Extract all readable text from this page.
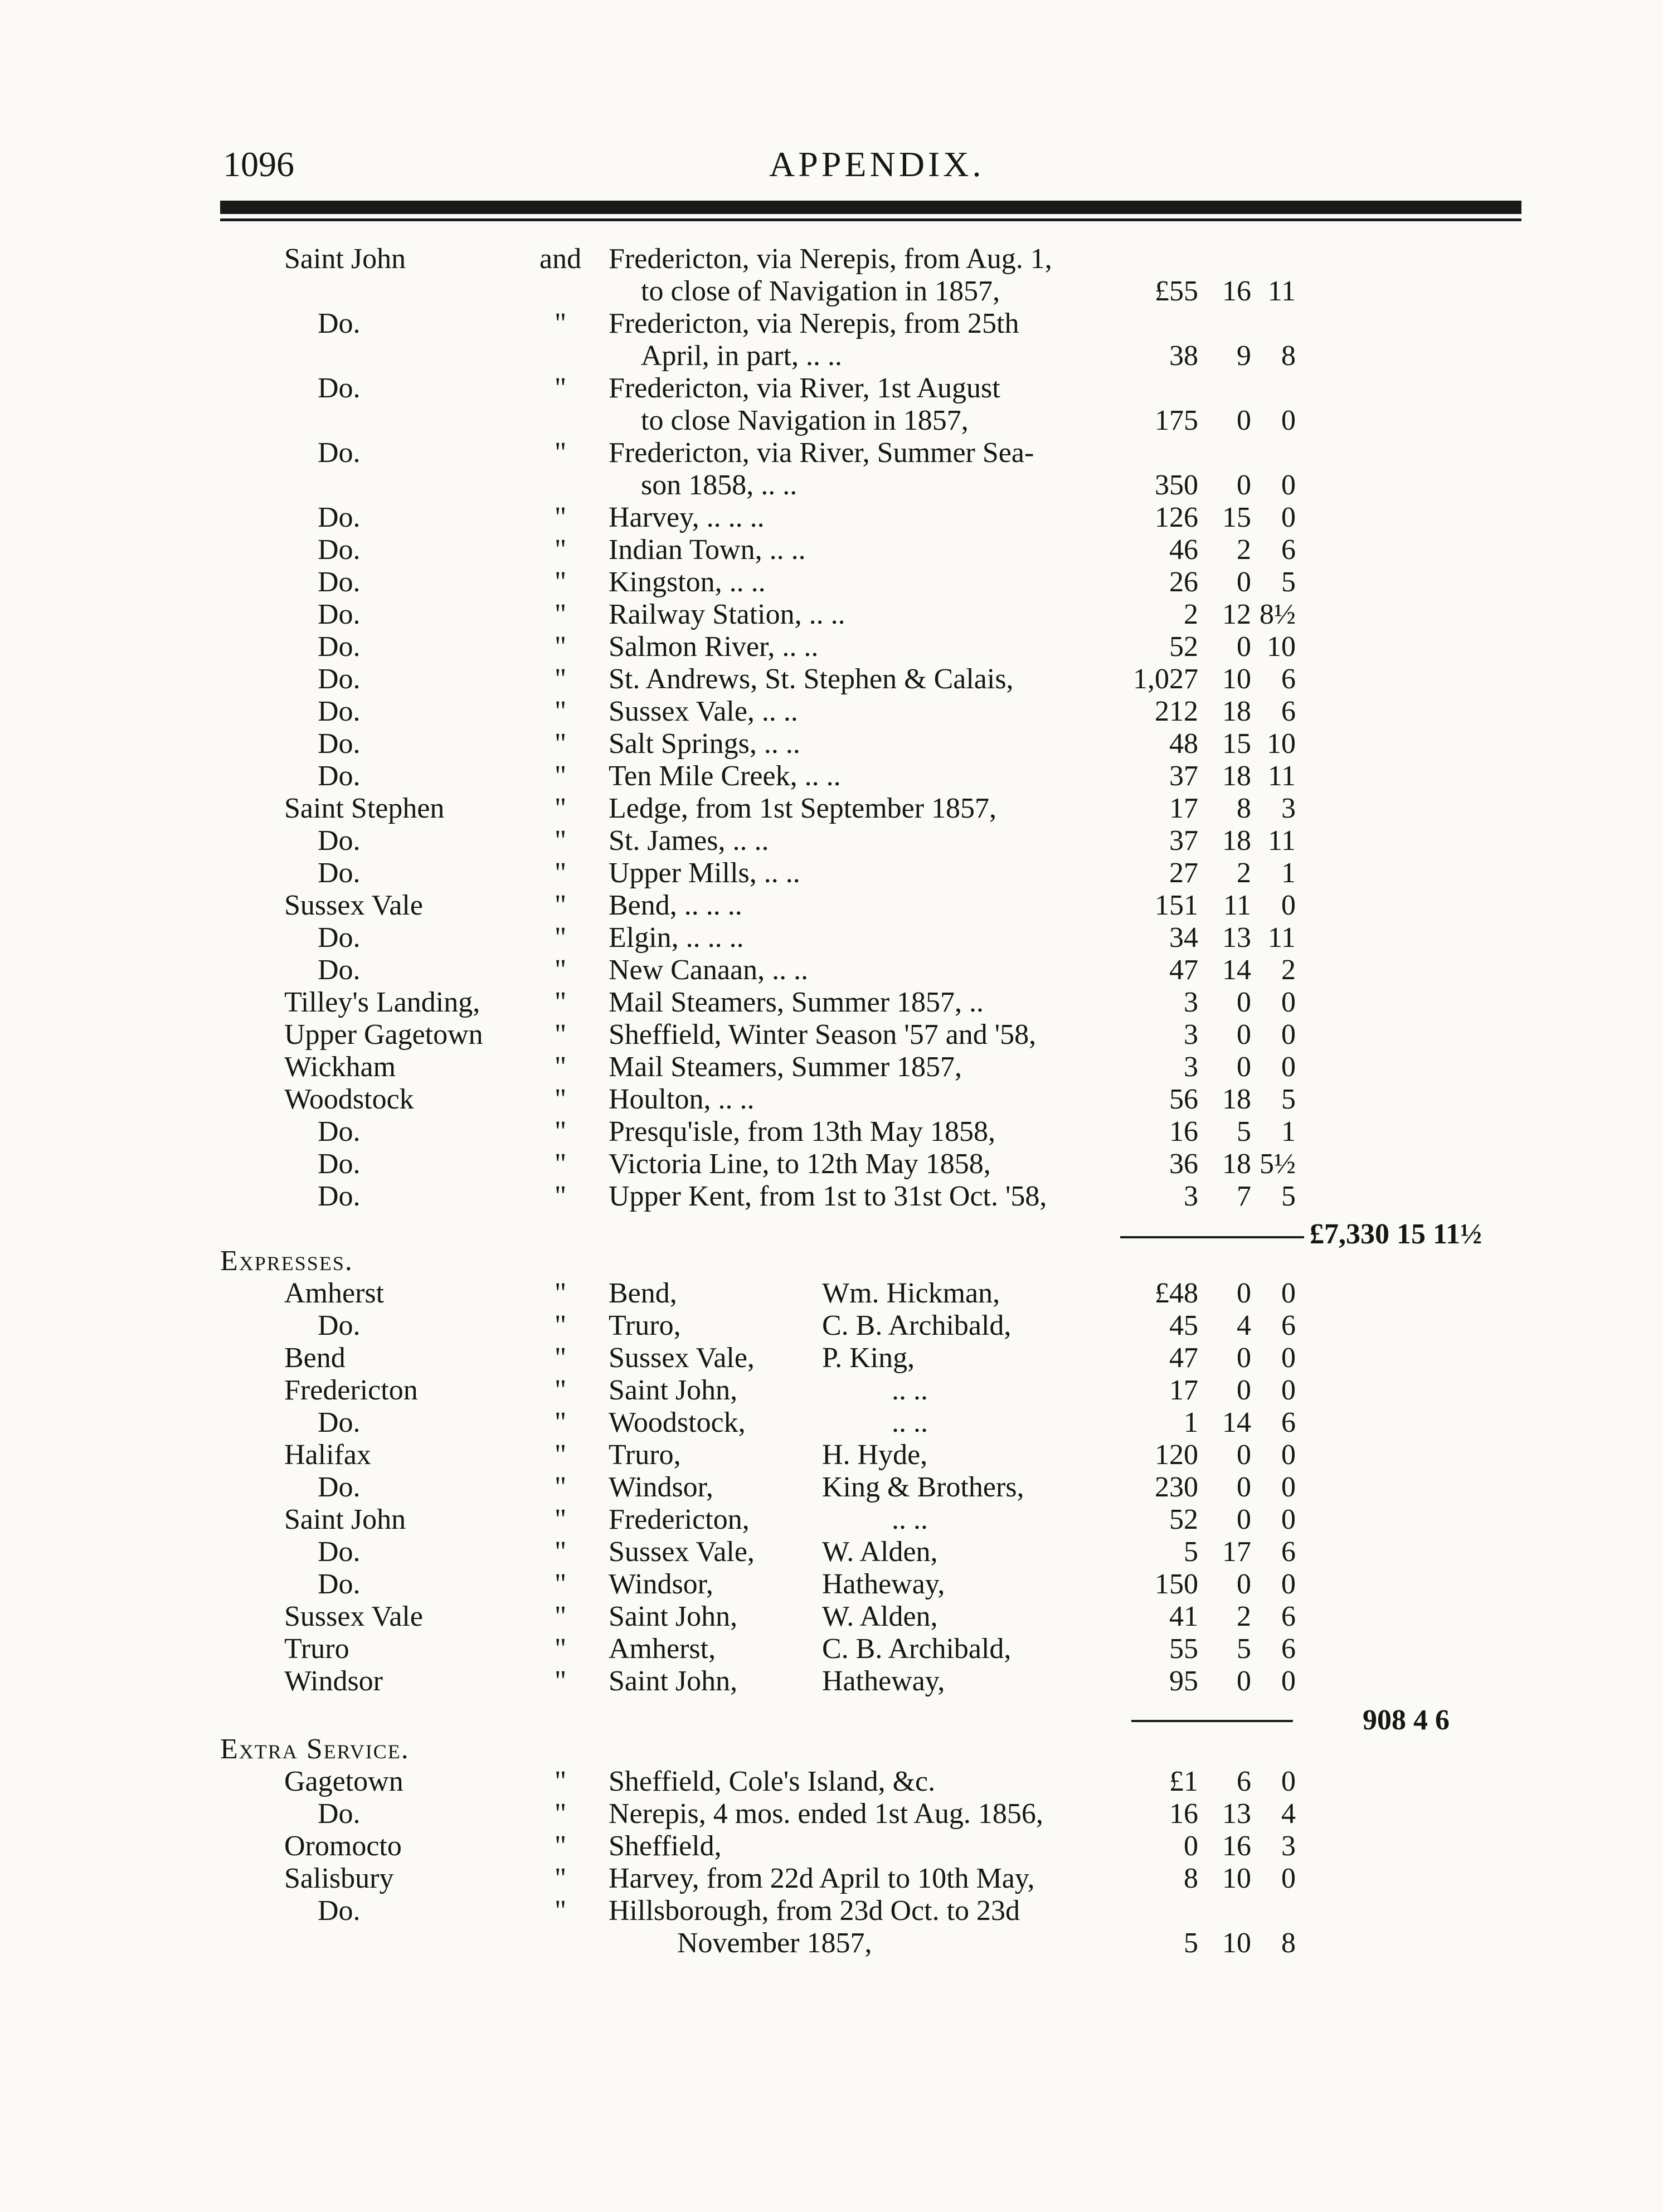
1096	APPENDIX.
Saint John	and Fredericton, via Nerepis, from Aug. 1,
to close of Navigation in 1857,	£55 16 11
Do.	" Fredericton, via Nerepis, from 25th
April, in part, .. ..	38	9	8
Do.	" Fredericton, via River, 1st August
to close Navigation in 1857,	175	0	0
Do.	" Fredericton, via River, Summer Sea-
son 1858, .. ..	350	0	0
Do.	" Harvey, .. .. ..	126 15	0
Do.	" Indian Town, .. ..	46	2	6
Do.	" Kingston, .. ..	26	0	5
Do.	" Railway Station, .. ..	2 12 8½
Do.	" Salmon River, .. ..	52	0 10
Do.	" St. Andrews, St. Stephen & Calais,	1,027 10	6
Do.	" Sussex Vale, .. ..	212 18	6
Do.	" Salt Springs, .. ..	48 15 10
Do.	" Ten Mile Creek, .. ..	37 18 11
Saint Stephen	" Ledge, from 1st September 1857,	17	8	3
Do.	" St. James, .. ..	37 18 11
Do.	" Upper Mills, .. ..	27	2	1
Sussex Vale	" Bend, .. .. ..	151 11	0
Do.	" Elgin, .. .. ..	34 13 11
Do.	" New Canaan, .. ..	47 14	2
Tilley's Landing,	" Mail Steamers, Summer 1857, ..	3	0	0
Upper Gagetown " Sheffield, Winter Season '57 and '58,	3	0	0
Wickham	" Mail Steamers, Summer 1857,	3	0	0
Woodstock	" Houlton, .. ..	56 18	5
Do.	" Presqu'isle, from 13th May 1858,	16	5	1
Do.	" Victoria Line, to 12th May 1858,	36 18 5½
Do.	" Upper Kent, from 1st to 31st Oct. '58,	3	7	5
£7,330 15 11½
Expresses.
Amherst	" Bend,	Wm. Hickman,	£48	0	0
Do.	" Truro,	C. B. Archibald,	45	4	6
Bend	" Sussex Vale, P. King,	47	0	0
Fredericton	" Saint John,	.. ..	17	0	0
Do.	" Woodstock,	.. ..	1 14	6
Halifax	" Truro,	H. Hyde,	120	0	0
Do.	" Windsor,	King & Brothers,	230	0	0
Saint John	" Fredericton,	.. ..	52	0	0
Do.	" Sussex Vale, W. Alden,	5 17	6
Do.	" Windsor,	Hatheway,	150	0	0
Sussex Vale	" Saint John,	W. Alden,	41	2	6
Truro	" Amherst,	C. B. Archibald,	55	5	6
Windsor	" Saint John,	Hatheway,	95	0	0
908 4 6
Extra Service.
Gagetown	" Sheffield, Cole's Island, &c.	£1	6	0
Do.	" Nerepis, 4 mos. ended 1st Aug. 1856,	16 13	4
Oromocto	" Sheffield,	0 16	3
Salisbury	" Harvey, from 22d April to 10th May,	8 10	0
Do.	" Hillsborough, from 23d Oct. to 23d
November 1857,	5 10	8
